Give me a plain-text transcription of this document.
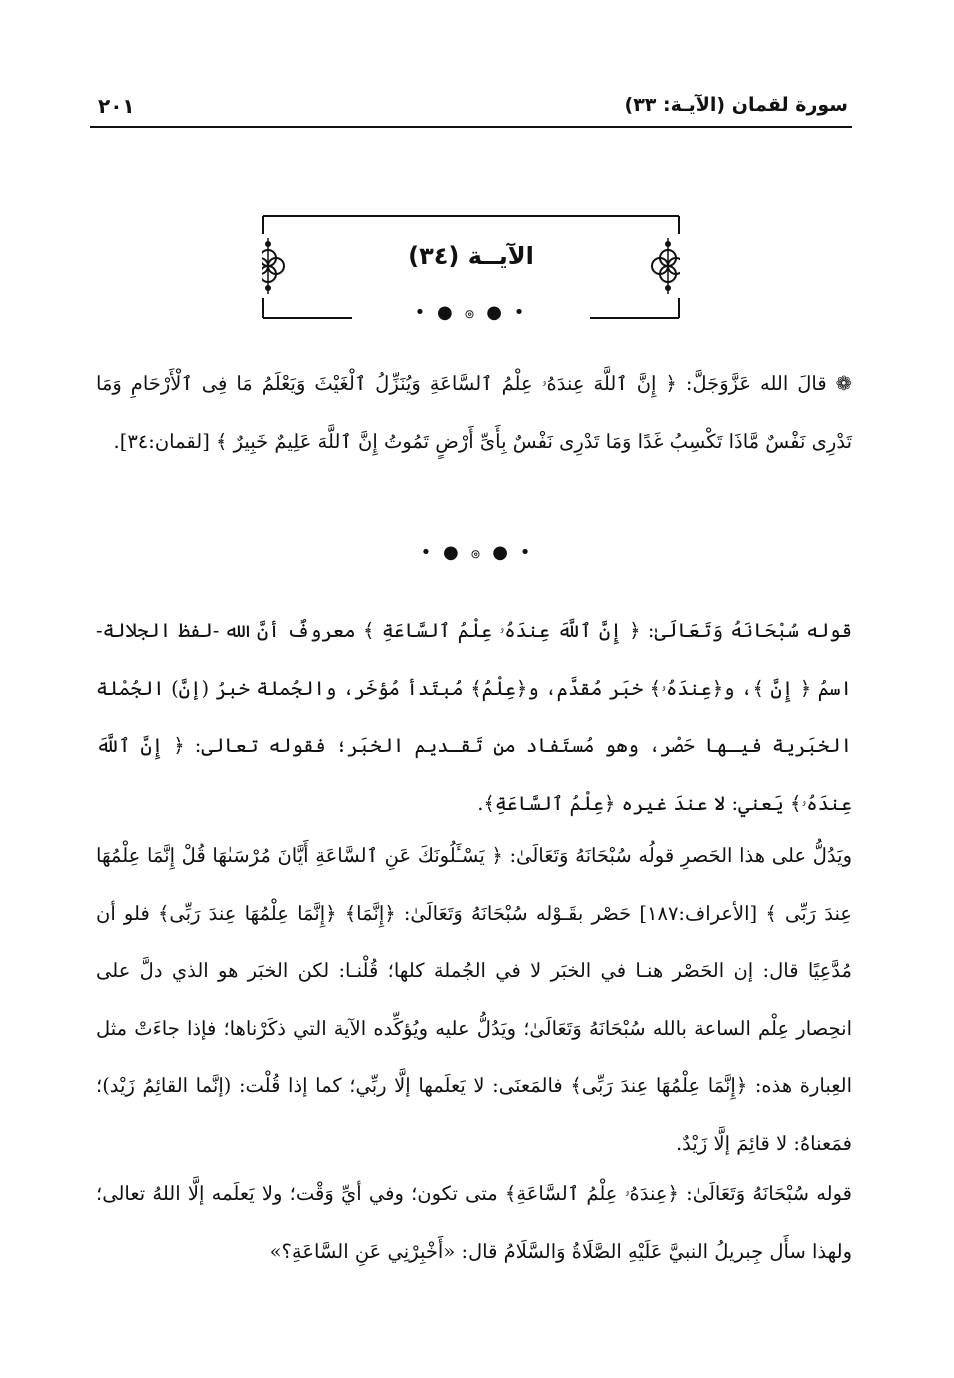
سورة لقمان (الآيـة: ٣٣)
٢٠١
الآيــة (٣٤)
• ● ၜ ● •

❁ قالَ الله عَزَّوَجَلَّ: ﴿ إِنَّ ٱللَّهَ عِندَهُۥ عِلْمُ ٱلسَّاعَةِ وَيُنَزِّلُ ٱلْغَيْثَ وَيَعْلَمُ مَا فِى ٱلْأَرْحَامِ وَمَا تَدْرِى نَفْسٌ مَّاذَا تَكْسِبُ غَدًا وَمَا تَدْرِى نَفْسٌ بِأَىِّ أَرْضٍ تَمُوتُ إِنَّ ٱللَّهَ عَلِيمٌ خَبِيرٌ ﴾ [لقمان:٣٤].

• ● ၜ ● •

قوله سُبْحَانَهُ وَتَعَالَىٰ: ﴿ إِنَّ ٱللَّهَ عِندَهُۥ عِلْمُ ٱلسَّاعَةِ ﴾ معروفٌ أنَّ الله -لفظ الجلالة- اسمُ ﴿ إِنَّ ﴾، و﴿عِندَهُۥ﴾ خبَر مُقدَّم، و﴿عِلْمُ﴾ مُبتَدأ مُؤخَر، والجُملة خبرُ (إنَّ) الجُمْلة الخبَرية فيـها حَصْر، وهو مُستَفاد من تَقـديم الخبَر؛ فقوله تعالى: ﴿ إِنَّ ٱللَّهَ عِندَهُۥ﴾ يَعني: لا عندَ غيره ﴿عِلْمُ ٱلسَّاعَةِ﴾.

ويَدُلُّ على هذا الحَصرِ قولُه سُبْحَانَهُ وَتَعَالَىٰ: ﴿ يَسْـَٔلُونَكَ عَنِ ٱلسَّاعَةِ أَيَّانَ مُرْسَىٰهَا قُلْ إِنَّمَا عِلْمُهَا عِندَ رَبِّى ﴾ [الأعراف:١٨٧] حَصْر بقَـوْله سُبْحَانَهُ وَتَعَالَىٰ: ﴿إِنَّمَا﴾ ﴿إِنَّمَا عِلْمُهَا عِندَ رَبِّى﴾ فلو أن مُدَّعِيًا قال: إن الحَصْر هنـا في الخبَر لا في الجُملة كلها؛ قُلْنـا: لكن الخبَر هو الذي دلَّ على انحِصار عِلْم الساعة بالله سُبْحَانَهُ وَتَعَالَىٰ؛ ويَدُلُّ عليه ويُؤكِّده الآية التي ذكَرْناها؛ فإذا جاءَتْ مثل العِبارة هذه: ﴿إِنَّمَا عِلْمُهَا عِندَ رَبِّى﴾ فالمَعنَى: لا يَعلَمها إلَّا ربِّي؛ كما إذا قُلْت: (إنَّما القائِمُ زَيْد)؛ فمَعناهُ: لا قائِمَ إلَّا زَيْدٌ.

قوله سُبْحَانَهُ وَتَعَالَىٰ: ﴿عِندَهُۥ عِلْمُ ٱلسَّاعَةِ﴾ متى تكون؛ وفي أيِّ وَقْت؛ ولا يَعلَمه إلَّا اللهُ تعالى؛ ولهذا سأَل جِبريلُ النبيَّ عَلَيْهِ الصَّلَاةُ وَالسَّلَامُ قال: «أَخْبِرْنِي عَنِ السَّاعَةِ؟»
